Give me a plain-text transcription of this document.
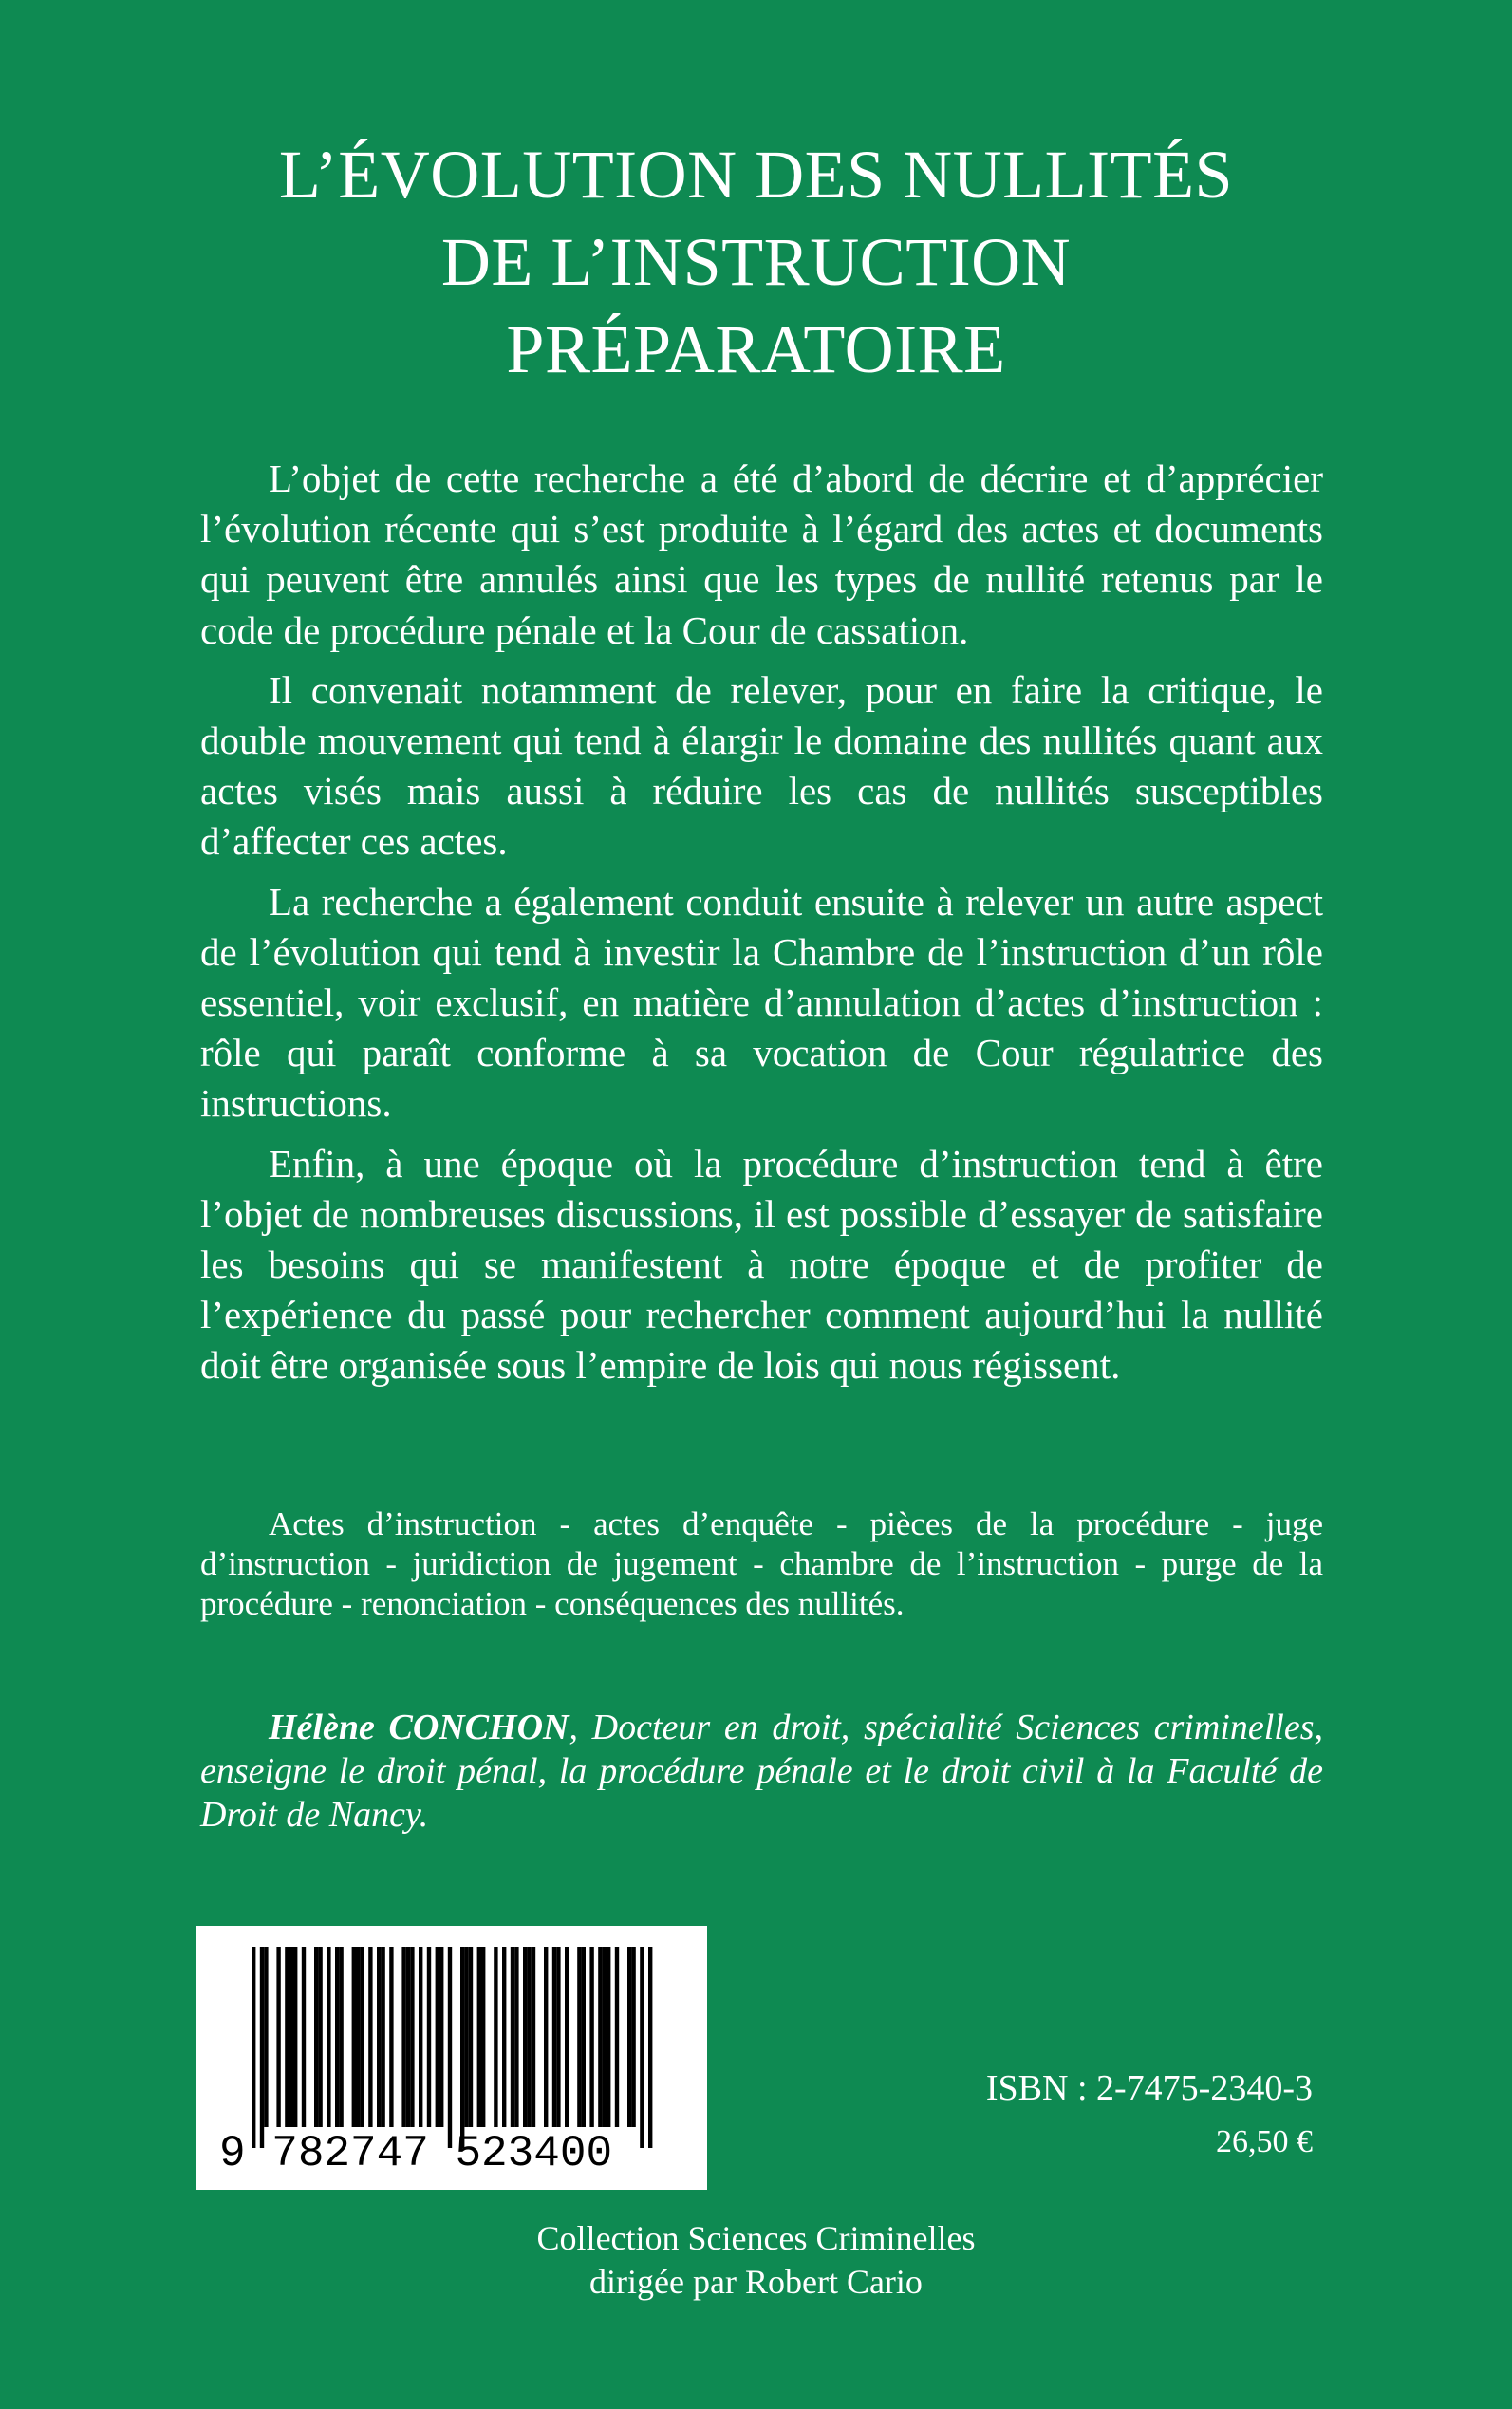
L’ÉVOLUTION DES NULLITÉS
DE L’INSTRUCTION
PRÉPARATOIRE

L’objet de cette recherche a été d’abord de décrire et d’apprécier l’évolution récente qui s’est produite à l’égard des actes et documents qui peuvent être annulés ainsi que les types de nullité retenus par le code de procédure pénale et la Cour de cassation.

Il convenait notamment de relever, pour en faire la critique, le double mouvement qui tend à élargir le domaine des nullités quant aux actes visés mais aussi à réduire les cas de nullités susceptibles d’affecter ces actes.

La recherche a également conduit ensuite à relever un autre aspect de l’évolution qui tend à investir la Chambre de l’instruction d’un rôle essentiel, voir exclusif, en matière d’annulation d’actes d’instruction : rôle qui paraît conforme à sa vocation de Cour régulatrice des instructions.

Enfin, à une époque où la procédure d’instruction tend à être l’objet de nombreuses discussions, il est possible d’essayer de satisfaire les besoins qui se manifestent à notre époque et de profiter de l’expérience du passé pour rechercher comment aujourd’hui la nullité doit être organisée sous l’empire de lois qui nous régissent.

Actes d’instruction - actes d’enquête - pièces de la procédure - juge d’instruction - juridiction de jugement - chambre de l’instruction - purge de la procédure - renonciation - conséquences des nullités.
Hélène CONCHON, Docteur en droit, spécialité Sciences criminelles, enseigne le droit pénal, la procédure pénale et le droit civil à la Faculté de Droit de Nancy.
9 782747 523400
ISBN : 2-7475-2340-3
26,50 €
Collection Sciences Criminelles
dirigée par Robert Cario
